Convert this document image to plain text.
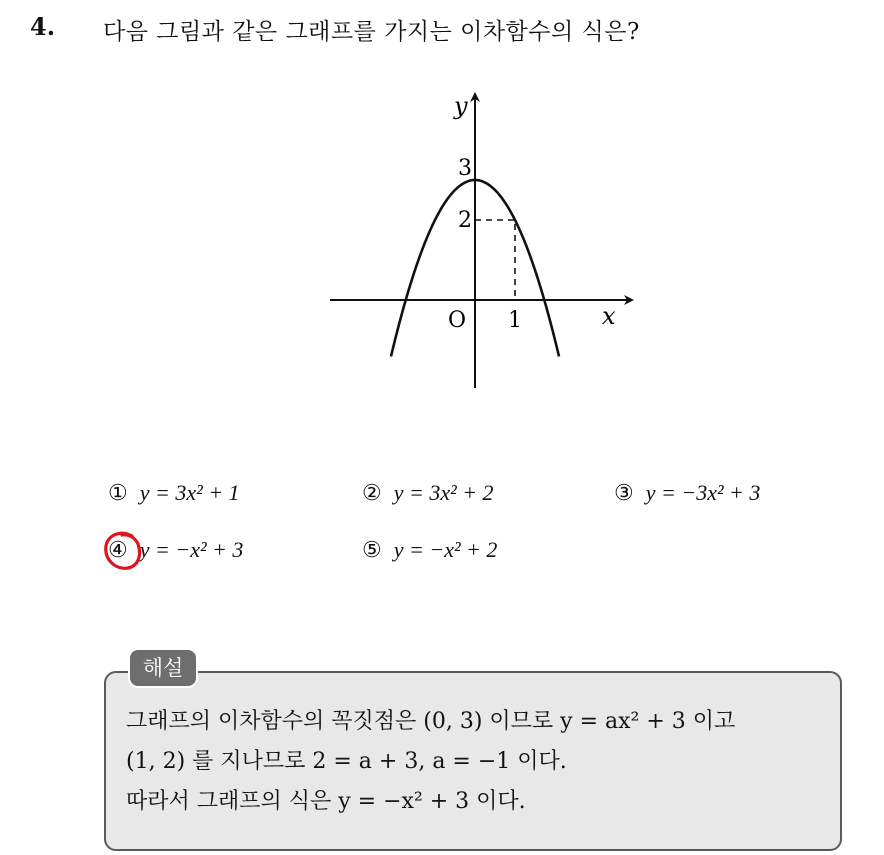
4. 다음 그림과 같은 그래프를 가지는 이차함수의 식은?
y
x
O 1
3
2
① y = 3x² + 1	② y = 3x² + 2	③ y = −3x² + 3
④ y = −x² + 3	⑤ y = −x² + 2
해설
그래프의 이차함수의 꼭짓점은 (0, 3) 이므로 y = ax² + 3 이고
(1, 2) 를 지나므로 2 = a + 3, a = −1 이다.
따라서 그래프의 식은 y = −x² + 3 이다.
